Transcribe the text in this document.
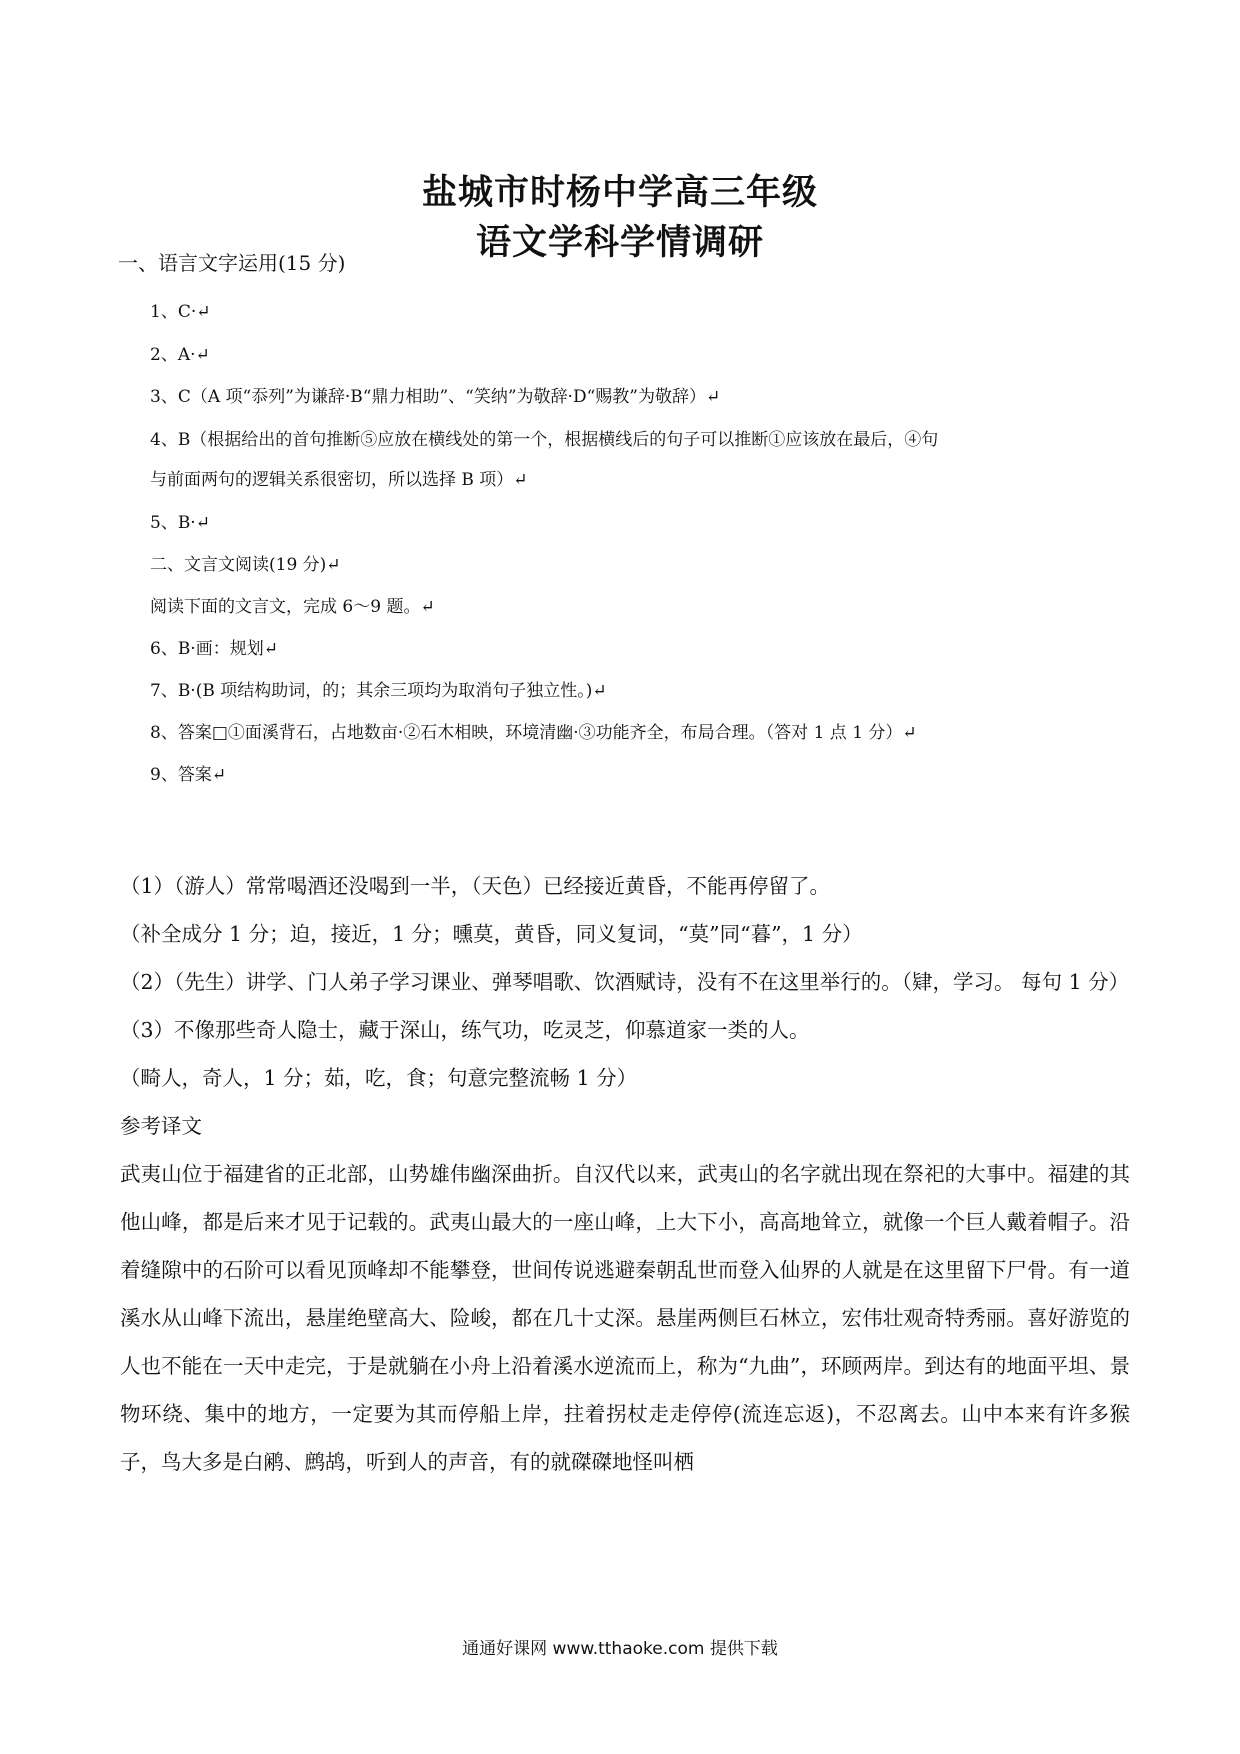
盐城市时杨中学高三年级
语文学科学情调研
一、语言文字运用(15 分)
1、C·↵
2、A·↵
3、C（A 项“忝列”为谦辞·B“鼎力相助”、“笑纳”为敬辞·D“赐教”为敬辞）↵
4、B（根据给出的首句推断⑤应放在横线处的第一个，根据横线后的句子可以推断①应该放在最后，④句
与前面两句的逻辑关系很密切，所以选择 B 项）↵
5、B·↵
二、文言文阅读(19 分)↵
阅读下面的文言文，完成 6～9 题。↵
6、B·画：规划↵
7、B·(B 项结构助词，的；其余三项均为取消句子独立性。)↵
8、答案□①面溪背石，占地数亩·②石木相映，环境清幽·③功能齐全，布局合理。（答对 1 点 1 分）↵
9、答案↵

（1）（游人）常常喝酒还没喝到一半，（天色）已经接近黄昏，不能再停留了。

（补全成分 1 分；迫，接近，1 分；曛莫，黄昏，同义复词，“莫”同“暮”，1 分）

（2）（先生）讲学、门人弟子学习课业、弹琴唱歌、饮酒赋诗，没有不在这里举行的。（肄，学习。 每句 1 分）

（3）不像那些奇人隐士，藏于深山，练气功，吃灵芝，仰慕道家一类的人。

（畸人，奇人，1 分；茹，吃，食；句意完整流畅 1 分）

参考译文

武夷山位于福建省的正北部，山势雄伟幽深曲折。自汉代以来，武夷山的名字就出现在祭祀的大事中。福建的其他山峰，都是后来才见于记载的。武夷山最大的一座山峰，上大下小，高高地耸立，就像一个巨人戴着帽子。沿着缝隙中的石阶可以看见顶峰却不能攀登，世间传说逃避秦朝乱世而登入仙界的人就是在这里留下尸骨。有一道溪水从山峰下流出，悬崖绝壁高大、险峻，都在几十丈深。悬崖两侧巨石林立，宏伟壮观奇特秀丽。喜好游览的人也不能在一天中走完，于是就躺在小舟上沿着溪水逆流而上，称为“九曲”，环顾两岸。到达有的地面平坦、景物环绕、集中的地方，一定要为其而停船上岸，拄着拐杖走走停停(流连忘返)，不忍离去。山中本来有许多猴子，鸟大多是白鹇、鹧鸪，听到人的声音，有的就磔磔地怪叫栖

通通好课网 www.tthaoke.com 提供下载
